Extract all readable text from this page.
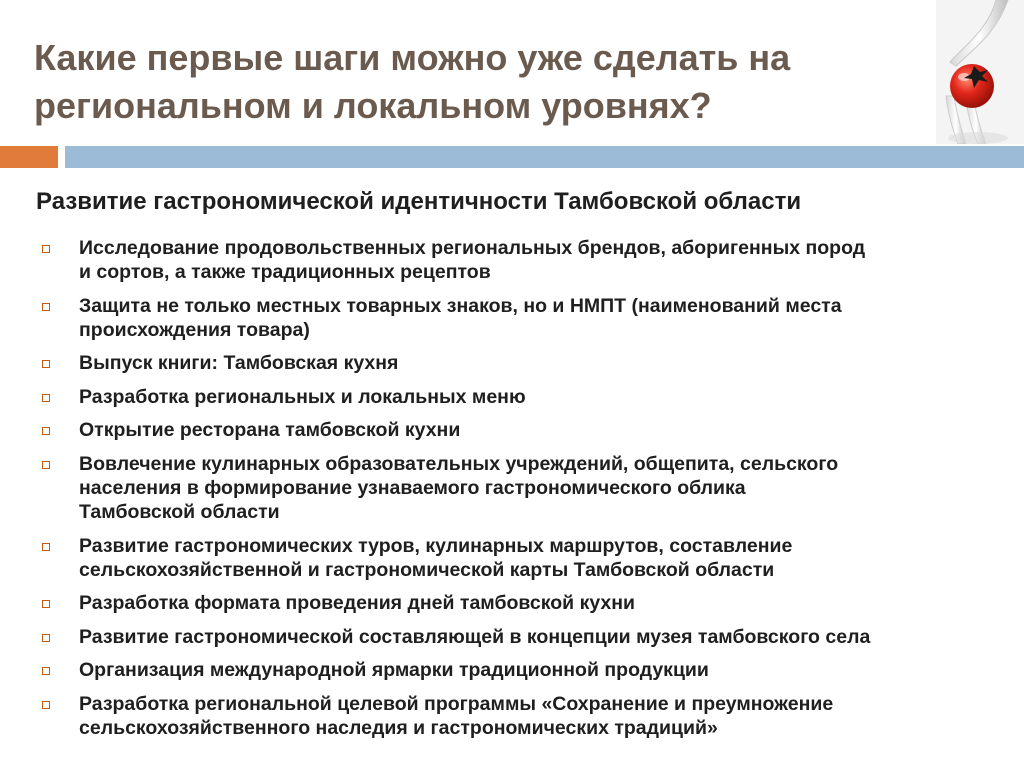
Какие первые шаги можно уже сделать на
региональном и локальном уровнях?
Развитие гастрономической идентичности Тамбовской области
Исследование продовольственных региональных брендов, аборигенных пород
и сортов, а также традиционных рецептов
Защита не только местных товарных знаков, но и НМПТ (наименований места
происхождения товара)
Выпуск книги: Тамбовская кухня
Разработка региональных и локальных меню
Открытие ресторана тамбовской кухни
Вовлечение кулинарных образовательных учреждений, общепита, сельского
населения в формирование узнаваемого гастрономического облика
Тамбовской области
Развитие гастрономических туров, кулинарных маршрутов, составление
сельскохозяйственной и гастрономической карты Тамбовской области
Разработка формата проведения дней тамбовской кухни
Развитие гастрономической составляющей в концепции музея тамбовского села
Организация международной ярмарки традиционной продукции
Разработка региональной целевой программы «Сохранение и преумножение
сельскохозяйственного наследия и гастрономических традиций»
